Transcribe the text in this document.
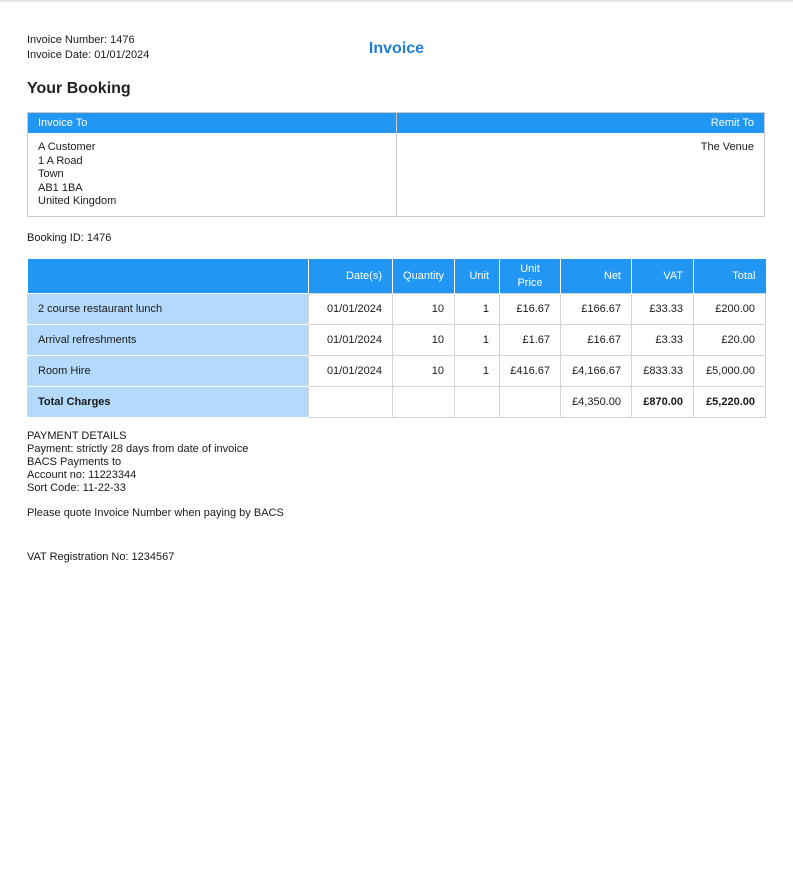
Invoice Number: 1476
Invoice Date: 01/01/2024	Invoice
Your Booking
Invoice To
A Customer
1 A Road
Town
AB1 1BA
United Kingdom
Remit To
The Venue
Booking ID: 1476
	Date(s)	Quantity	Unit	Unit Price	Net	VAT	Total
2 course restaurant lunch	01/01/2024	10	1	£16.67	£166.67	£33.33	£200.00
Arrival refreshments	01/01/2024	10	1	£1.67	£16.67	£3.33	£20.00
Room Hire	01/01/2024	10	1	£416.67	£4,166.67	£833.33	£5,000.00
Total Charges					£4,350.00	£870.00	£5,220.00
PAYMENT DETAILS
Payment: strictly 28 days from date of invoice
BACS Payments to
Account no: 11223344
Sort Code: 11-22-33
Please quote Invoice Number when paying by BACS
VAT Registration No: 1234567
